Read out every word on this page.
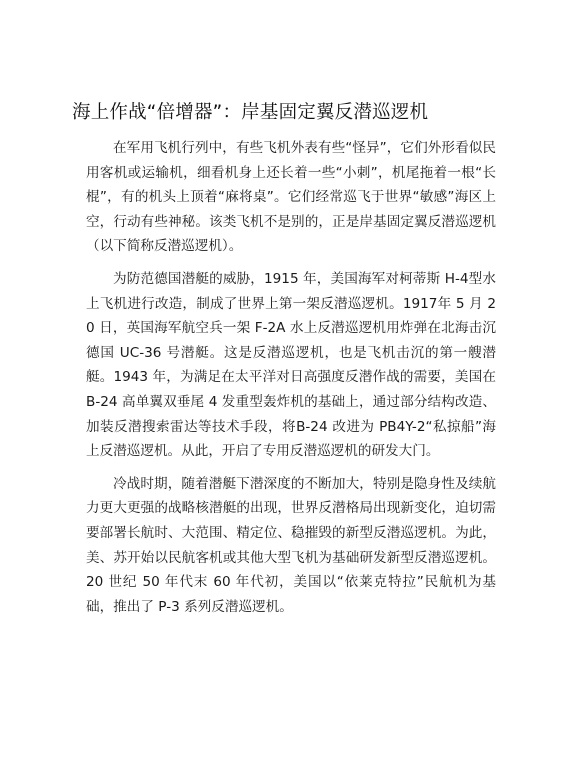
海上作战“倍增器”：岸基固定翼反潜巡逻机

在军用飞机行列中，有些飞机外表有些“怪异”，它们外形看似民用客机或运输机，细看机身上还长着一些“小刺”，机尾拖着一根“长棍”，有的机头上顶着“麻将桌”。它们经常巡飞于世界“敏感”海区上空，行动有些神秘。该类飞机不是别的，正是岸基固定翼反潜巡逻机（以下简称反潜巡逻机）。

为防范德国潜艇的威胁，1915 年，美国海军对柯蒂斯 H-4型水上飞机进行改造，制成了世界上第一架反潜巡逻机。1917年 5 月 20 日，英国海军航空兵一架 F-2A 水上反潜巡逻机用炸弹在北海击沉德国 UC-36 号潜艇。这是反潜巡逻机，也是飞机击沉的第一艘潜艇。1943 年，为满足在太平洋对日高强度反潜作战的需要，美国在 B-24 高单翼双垂尾 4 发重型轰炸机的基础上，通过部分结构改造、加装反潜搜索雷达等技术手段，将B-24 改进为 PB4Y-2“私掠船”海上反潜巡逻机。从此，开启了专用反潜巡逻机的研发大门。

冷战时期，随着潜艇下潜深度的不断加大，特别是隐身性及续航力更大更强的战略核潜艇的出现，世界反潜格局出现新变化，迫切需要部署长航时、大范围、精定位、稳摧毁的新型反潜巡逻机。为此，美、苏开始以民航客机或其他大型飞机为基础研发新型反潜巡逻机。20 世纪 50 年代末 60 年代初，美国以“依莱克特拉”民航机为基础，推出了 P-3 系列反潜巡逻机。
